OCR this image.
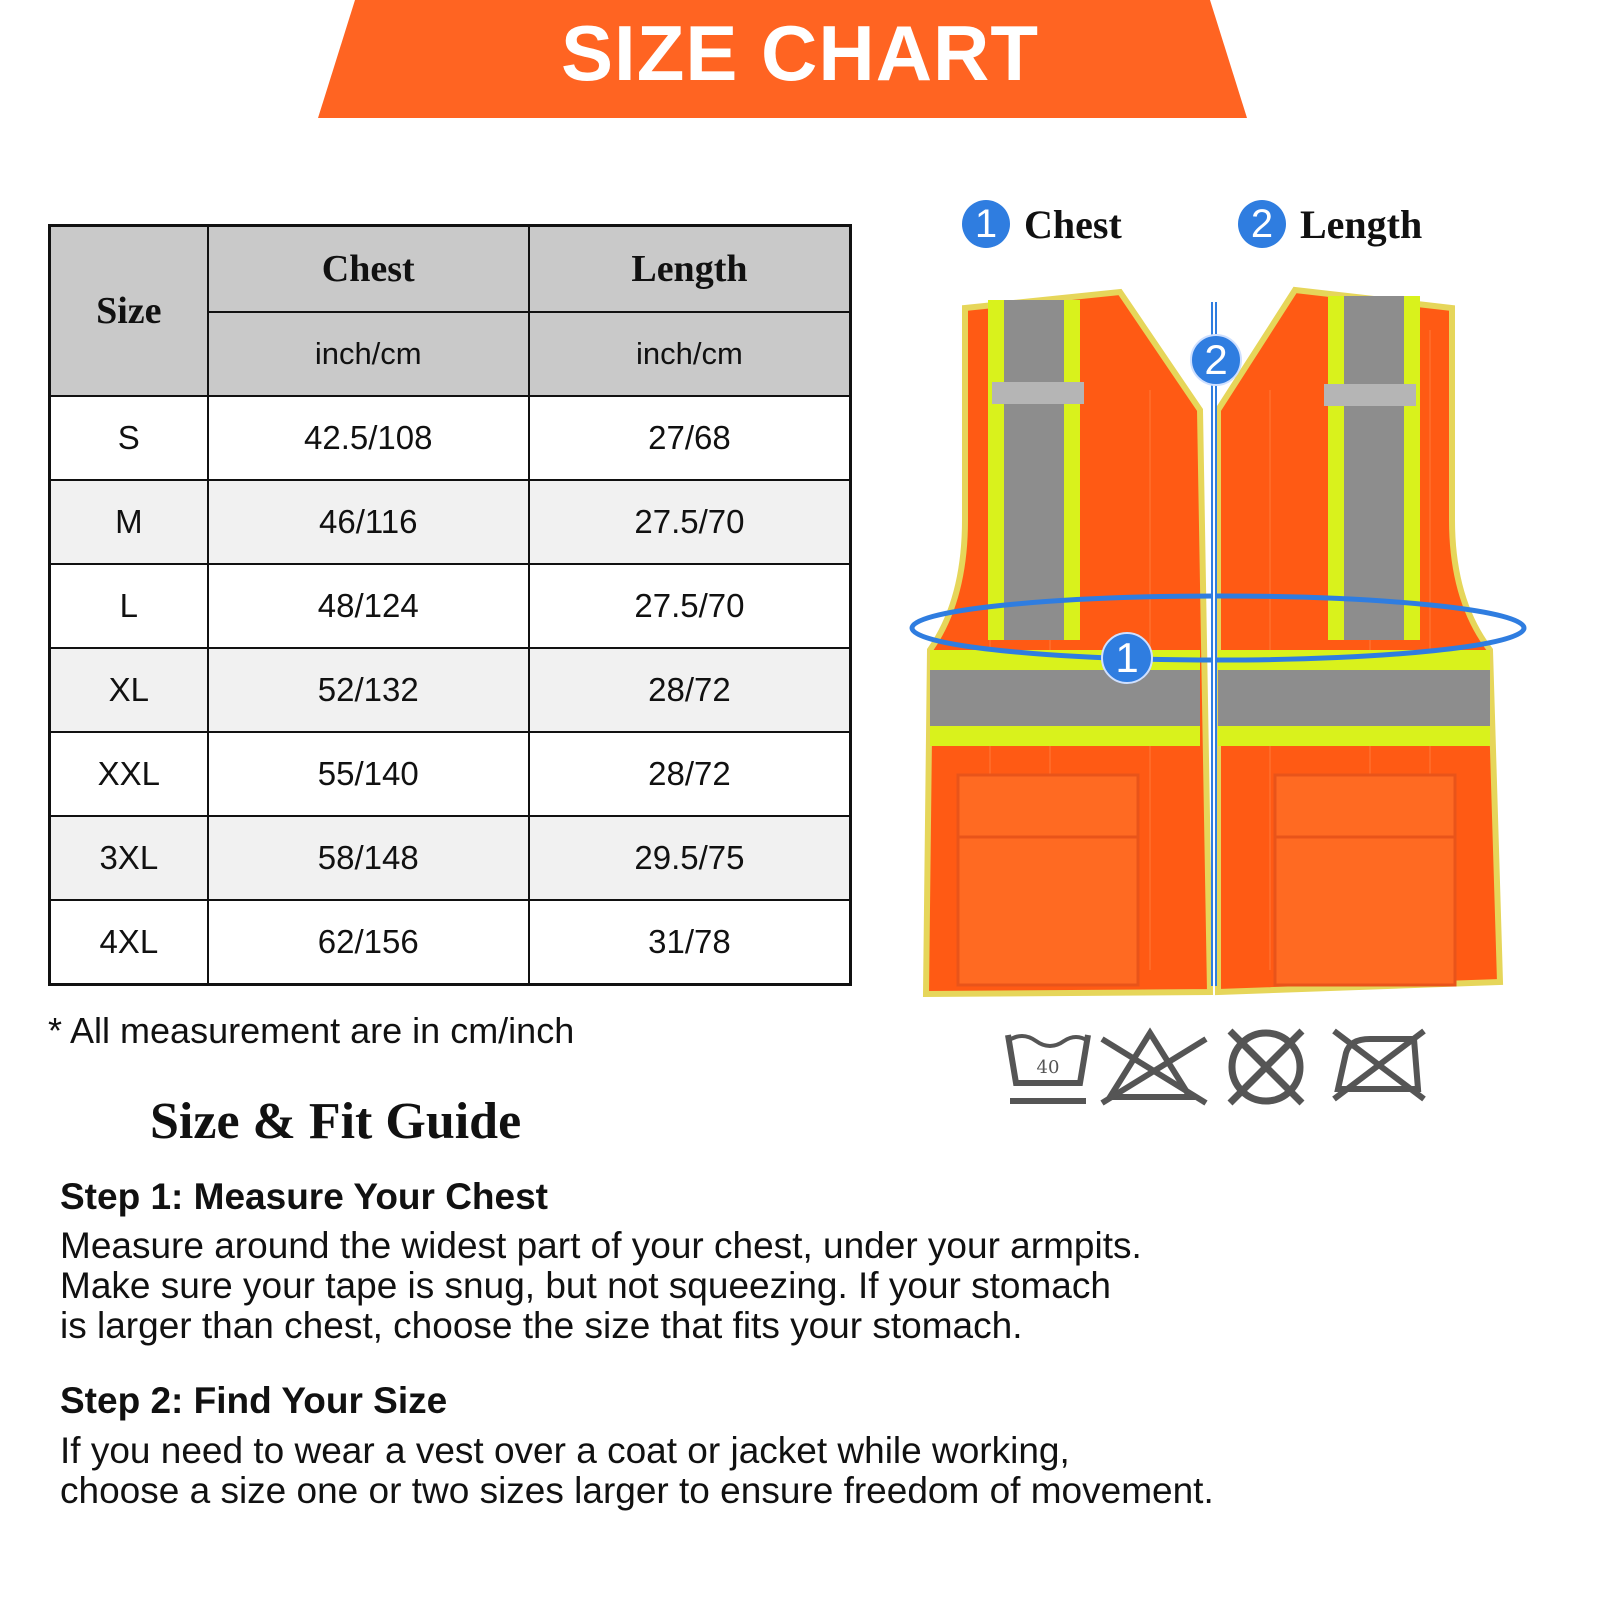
SIZE CHART
Size	Chest	Length
	inch/cm	inch/cm
S	42.5/108	27/68
M	46/116	27.5/70
L	48/124	27.5/70
XL	52/132	28/72
XXL	55/140	28/72
3XL	58/148	29.5/75
4XL	62/156	31/78
* All measurement are in cm/inch
Size & Fit Guide
Step 1: Measure Your Chest
Measure around the widest part of your chest, under your armpits.
Make sure your tape is snug, but not squeezing. If your stomach
is larger than chest, choose the size that fits your stomach.
Step 2: Find Your Size
If you need to wear a vest over a coat or jacket while working,
choose a size one or two sizes larger to ensure freedom of movement.
1 Chest	2 Length
2
1
40
